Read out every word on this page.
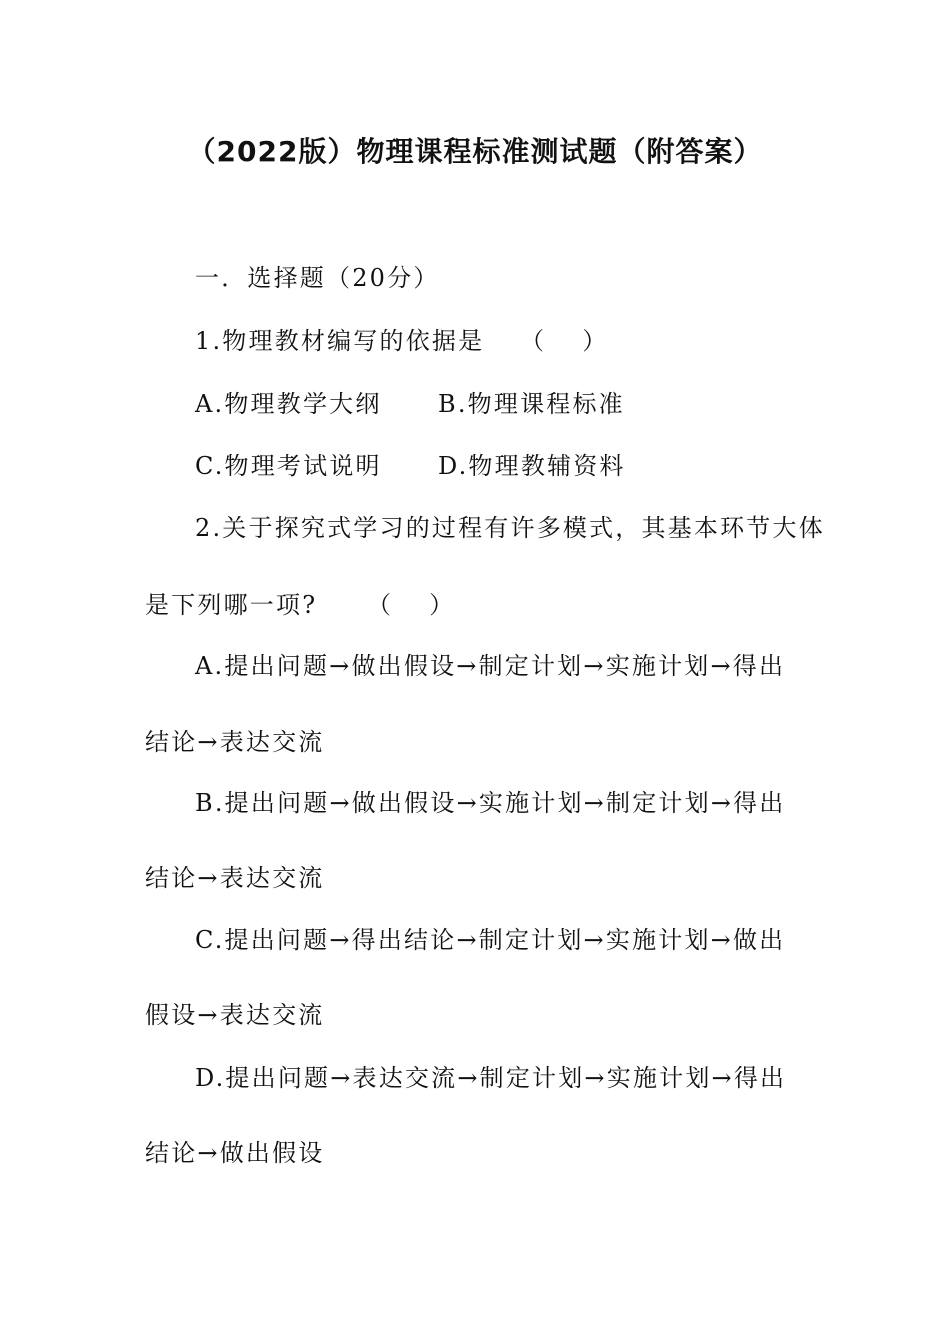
（2022版）物理课程标准测试题（附答案）
一．选择题（20分）
1.物理教材编写的依据是 （ ）
A.物理教学大纲 B.物理课程标准
C.物理考试说明 D.物理教辅资料
2.关于探究式学习的过程有许多模式，其基本环节大体
是下列哪一项? （ ）
A.提出问题→做出假设→制定计划→实施计划→得出
结论→表达交流
B.提出问题→做出假设→实施计划→制定计划→得出
结论→表达交流
C.提出问题→得出结论→制定计划→实施计划→做出
假设→表达交流
D.提出问题→表达交流→制定计划→实施计划→得出
结论→做出假设
